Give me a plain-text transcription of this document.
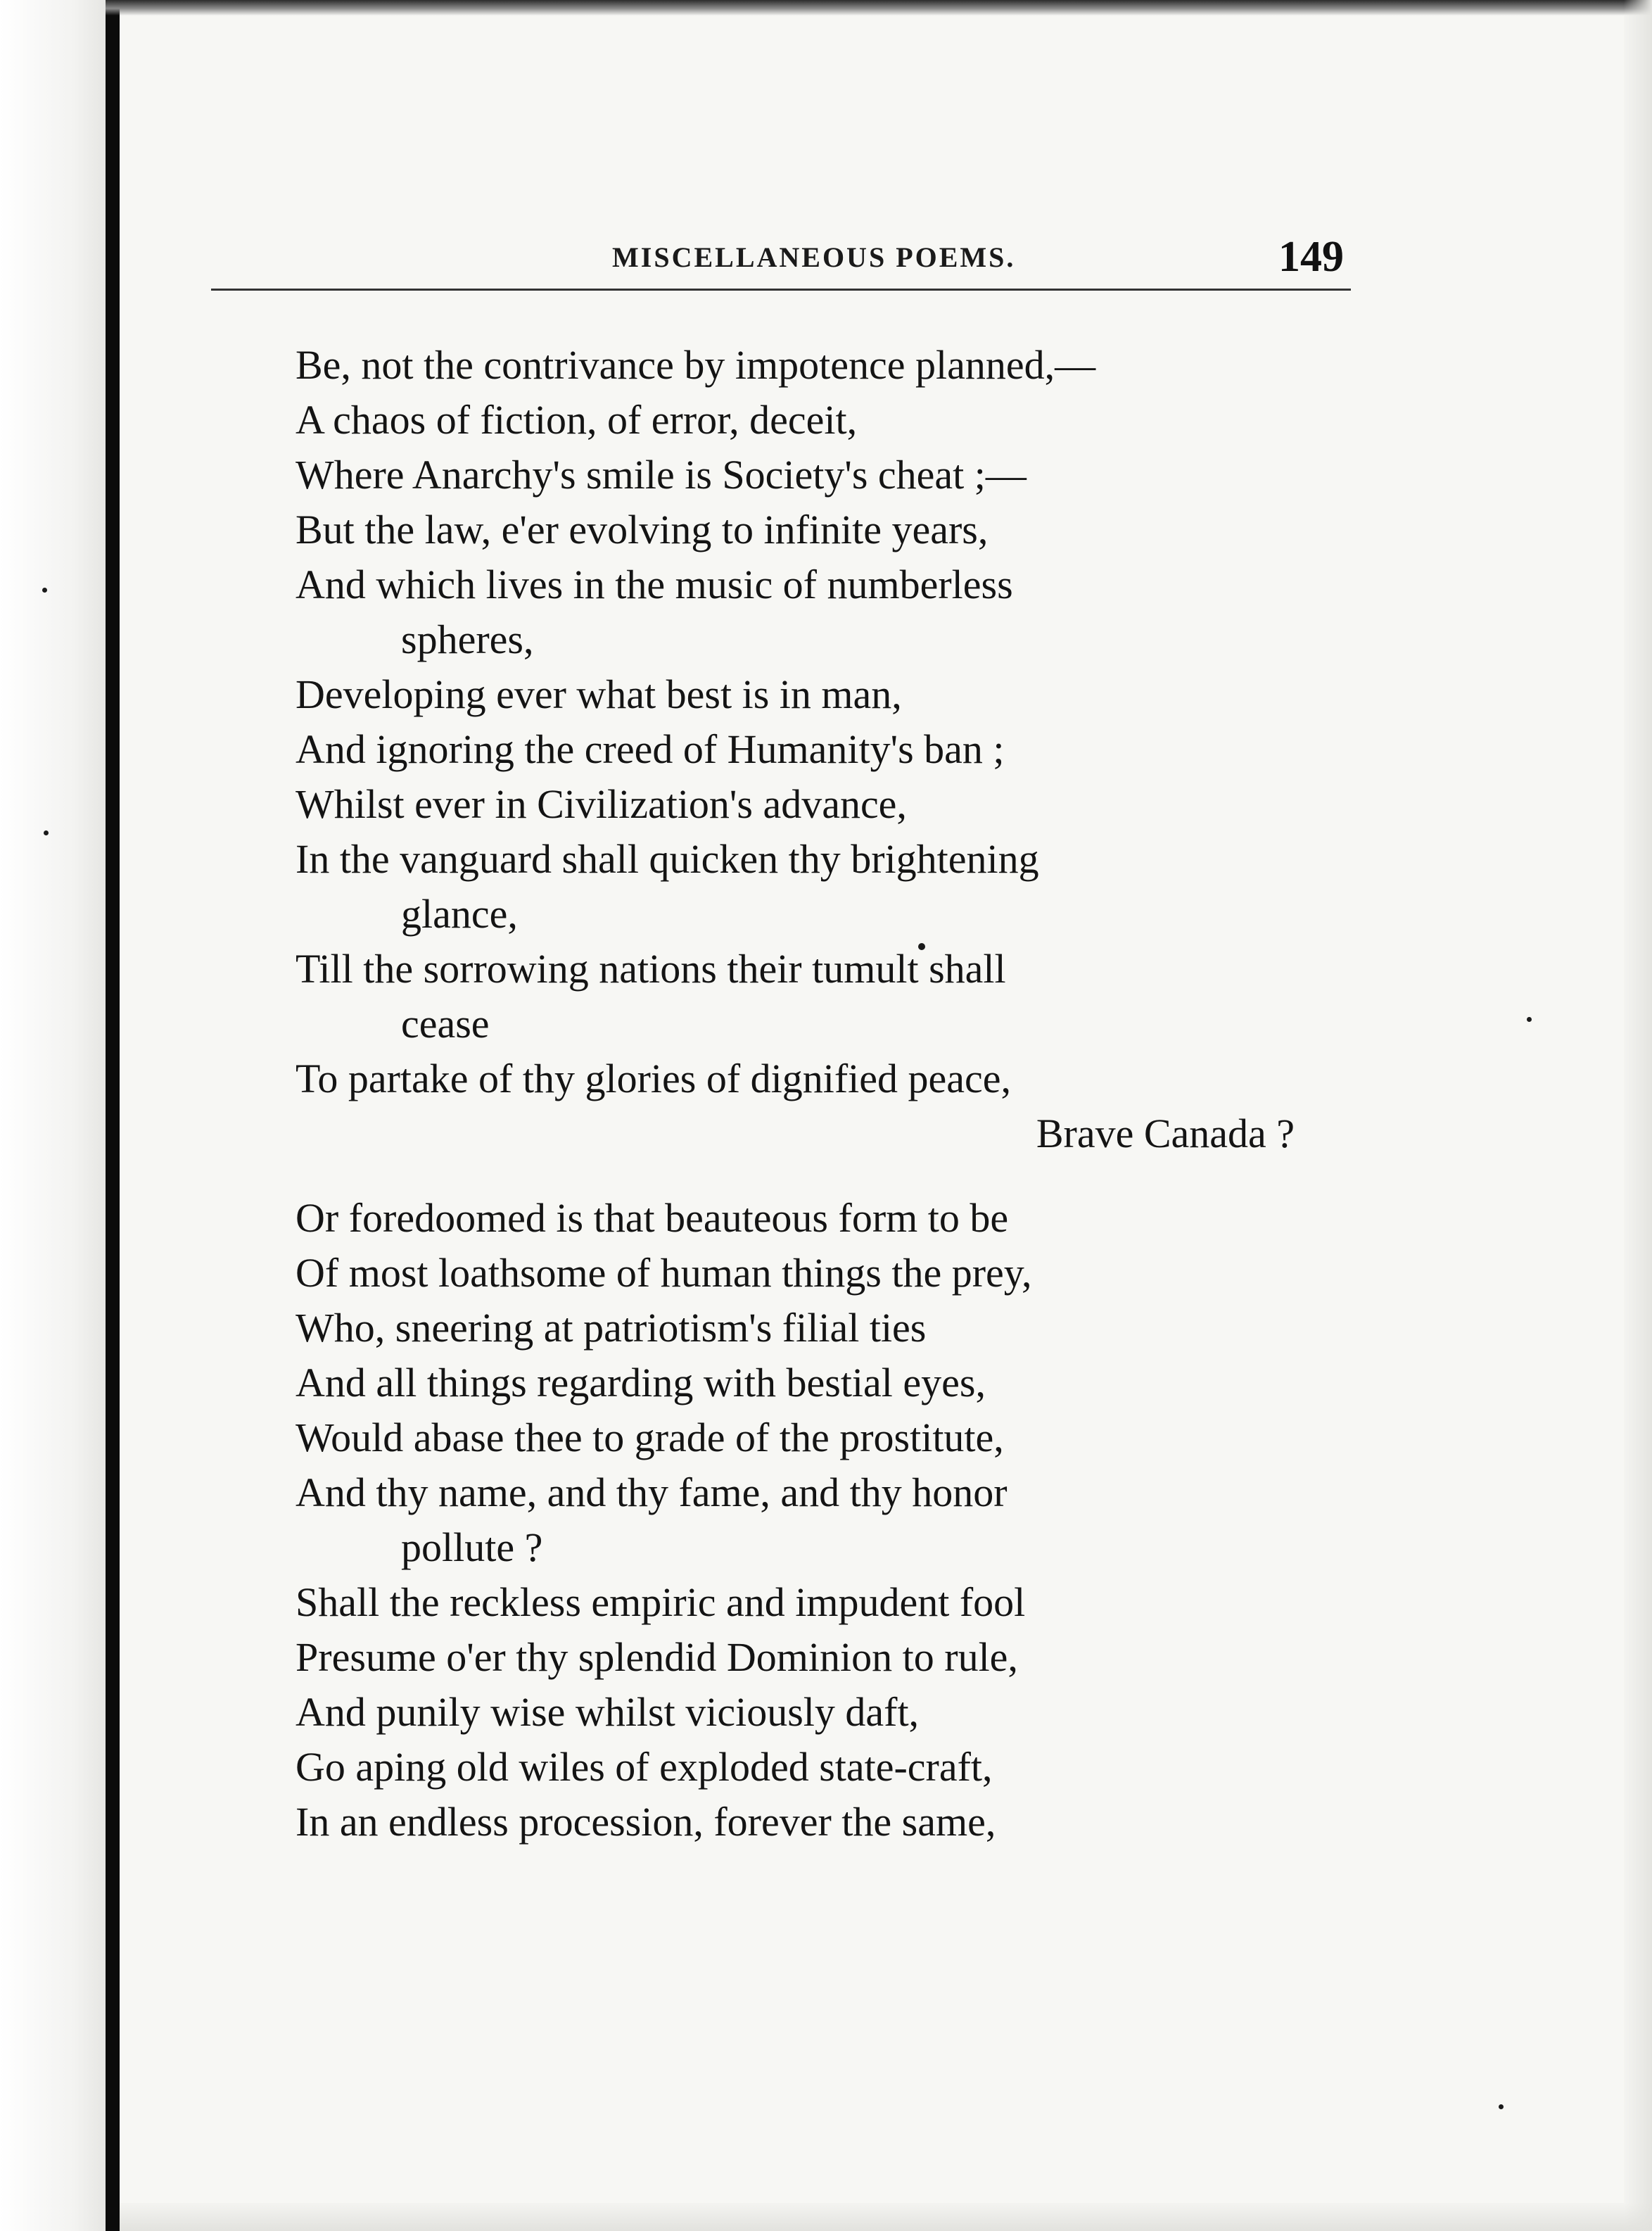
MISCELLANEOUS POEMS.	149
Be, not the contrivance by impotence planned,—
A chaos of fiction, of error, deceit,
Where Anarchy's smile is Society's cheat ;—
But the law, e'er evolving to infinite years,
And which lives in the music of numberless
spheres,
Developing ever what best is in man,
And ignoring the creed of Humanity's ban ;
Whilst ever in Civilization's advance,
In the vanguard shall quicken thy brightening
glance,
Till the sorrowing nations their tumult shall
cease
To partake of thy glories of dignified peace,
Brave Canada ?
Or foredoomed is that beauteous form to be
Of most loathsome of human things the prey,
Who, sneering at patriotism's filial ties
And all things regarding with bestial eyes,
Would abase thee to grade of the prostitute,
And thy name, and thy fame, and thy honor
pollute ?
Shall the reckless empiric and impudent fool
Presume o'er thy splendid Dominion to rule,
And punily wise whilst viciously daft,
Go aping old wiles of exploded state-craft,
In an endless procession, forever the same,
